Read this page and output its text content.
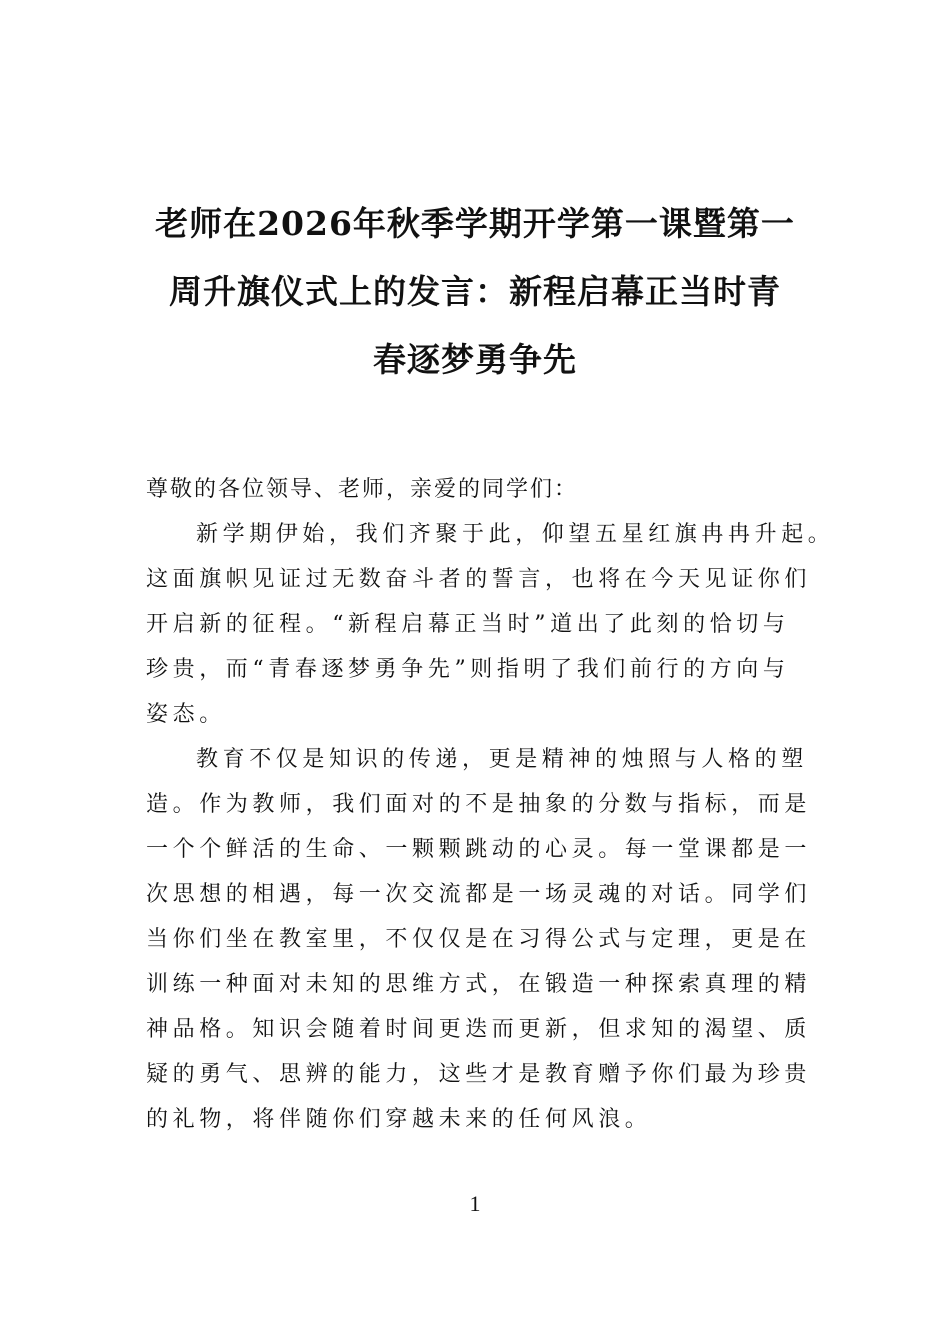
老师在2026年秋季学期开学第一课暨第一
周升旗仪式上的发言：新程启幕正当时青
春逐梦勇争先
尊敬的各位领导、老师，亲爱的同学们：
新学期伊始，我们齐聚于此，仰望五星红旗冉冉升起。
这面旗帜见证过无数奋斗者的誓言，也将在今天见证你们
开启新的征程。“新程启幕正当时”道出了此刻的恰切与
珍贵，而“青春逐梦勇争先”则指明了我们前行的方向与
姿态。
教育不仅是知识的传递，更是精神的烛照与人格的塑
造。作为教师，我们面对的不是抽象的分数与指标，而是
一个个鲜活的生命、一颗颗跳动的心灵。每一堂课都是一
次思想的相遇，每一次交流都是一场灵魂的对话。同学们
当你们坐在教室里，不仅仅是在习得公式与定理，更是在
训练一种面对未知的思维方式，在锻造一种探索真理的精
神品格。知识会随着时间更迭而更新，但求知的渴望、质
疑的勇气、思辨的能力，这些才是教育赠予你们最为珍贵
的礼物，将伴随你们穿越未来的任何风浪。
1
